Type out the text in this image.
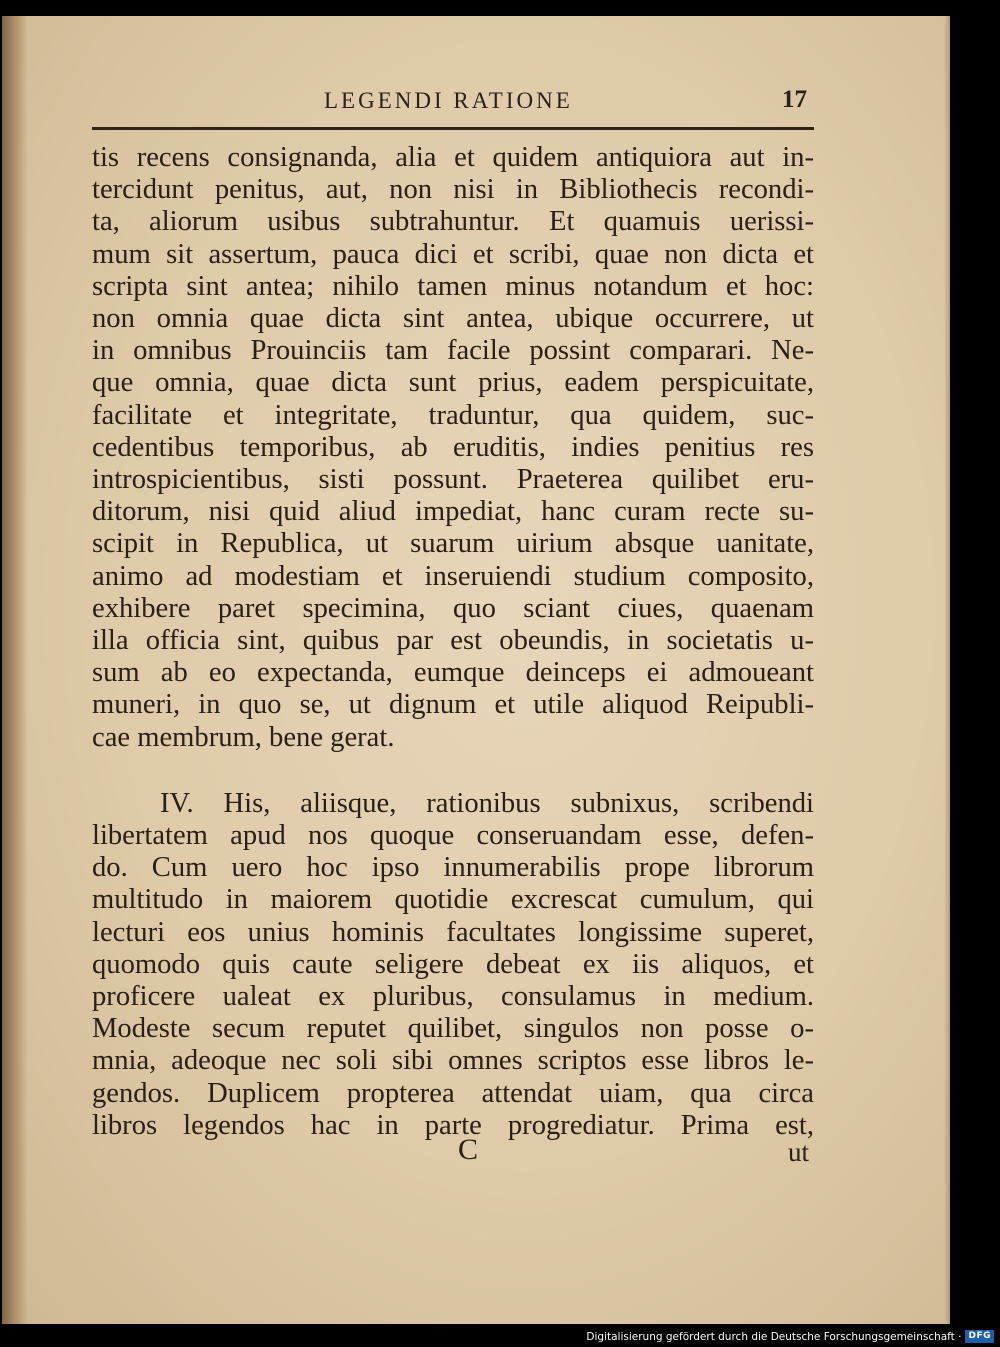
LEGENDI RATIONE	17
tis recens consignanda, alia et quidem antiquiora aut in-
tercidunt penitus, aut, non nisi in Bibliothecis recondi-
ta, aliorum usibus subtrahuntur. Et quamuis uerissi-
mum sit assertum, pauca dici et scribi, quae non dicta et
scripta sint antea; nihilo tamen minus notandum et hoc:
non omnia quae dicta sint antea, ubique occurrere, ut
in omnibus Prouinciis tam facile possint comparari. Ne-
que omnia, quae dicta sunt prius, eadem perspicuitate,
facilitate et integritate, traduntur, qua quidem, suc-
cedentibus temporibus, ab eruditis, indies penitius res
introspicientibus, sisti possunt. Praeterea quilibet eru-
ditorum, nisi quid aliud impediat, hanc curam recte su-
scipit in Republica, ut suarum uirium absque uanitate,
animo ad modestiam et inseruiendi studium composito,
exhibere paret specimina, quo sciant ciues, quaenam
illa officia sint, quibus par est obeundis, in societatis u-
sum ab eo expectanda, eumque deinceps ei admoueant
muneri, in quo se, ut dignum et utile aliquod Reipubli-
cae membrum, bene gerat.
IV. His, aliisque, rationibus subnixus, scribendi
libertatem apud nos quoque conseruandam esse, defen-
do. Cum uero hoc ipso innumerabilis prope librorum
multitudo in maiorem quotidie excrescat cumulum, qui
lecturi eos unius hominis facultates longissime superet,
quomodo quis caute seligere debeat ex iis aliquos, et
proficere ualeat ex pluribus, consulamus in medium.
Modeste secum reputet quilibet, singulos non posse o-
mnia, adeoque nec soli sibi omnes scriptos esse libros le-
gendos. Duplicem propterea attendat uiam, qua circa
libros legendos hac in parte progrediatur. Prima est,
C	ut
Digitalisierung gefördert durch die Deutsche Forschungsgemeinschaft · DFG
